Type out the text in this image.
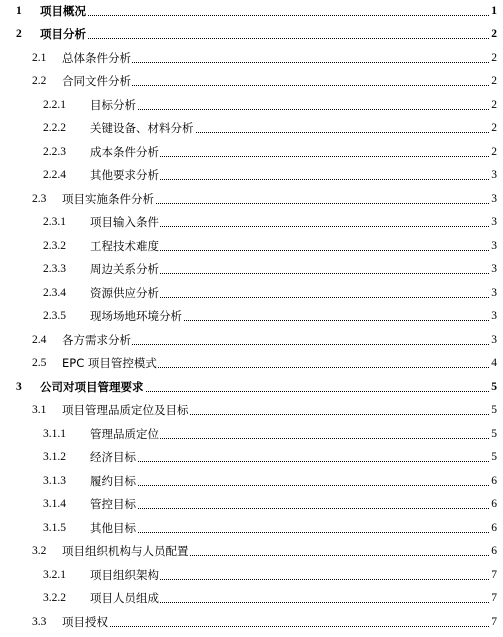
1 项目概况	1
2 项目分析	2
2.1 总体条件分析	2
2.2 合同文件分析	2
2.2.1 目标分析	2
2.2.2 关键设备、材料分析	2
2.2.3 成本条件分析	2
2.2.4 其他要求分析	3
2.3 项目实施条件分析	3
2.3.1 项目输入条件	3
2.3.2 工程技术难度	3
2.3.3 周边关系分析	3
2.3.4 资源供应分析	3
2.3.5 现场场地环境分析	3
2.4 各方需求分析	3
2.5 EPC 项目管控模式	4
3 公司对项目管理要求	5
3.1 项目管理品质定位及目标	5
3.1.1 管理品质定位	5
3.1.2 经济目标	5
3.1.3 履约目标	6
3.1.4 管控目标	6
3.1.5 其他目标	6
3.2 项目组织机构与人员配置	6
3.2.1 项目组织架构	7
3.2.2 项目人员组成	7
3.3 项目授权	7
